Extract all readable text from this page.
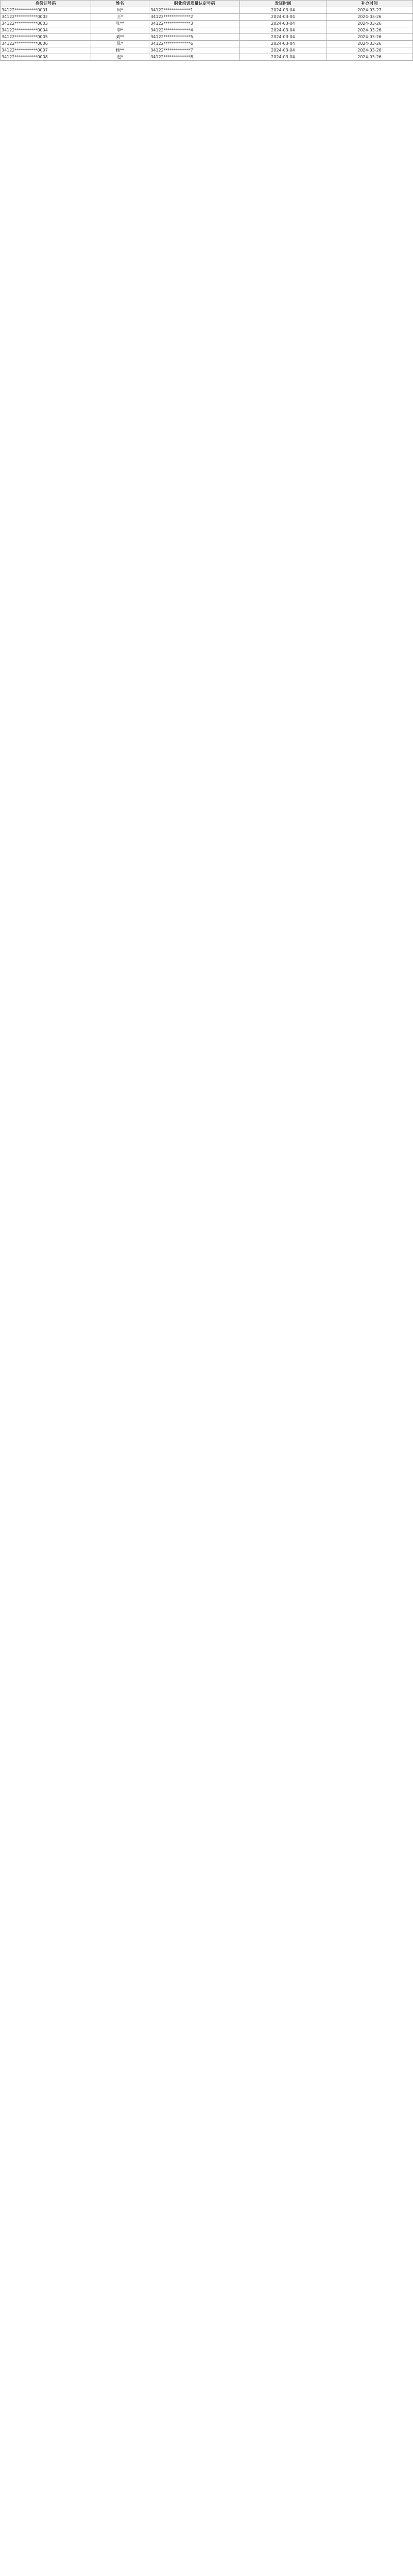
身份证号码	姓名	职业培训质量认定号码	发证时间	补办时间
34122***********0001	周*	34122*************1	2024-03-04	2024-03-27
34122***********0002	王*	34122*************2	2024-03-04	2024-03-26
34122***********0003	张**	34122*************3	2024-03-04	2024-03-26
34122***********0004	李*	34122*************4	2024-03-04	2024-03-26
34122***********0005	刘**	34122*************5	2024-03-04	2024-03-26
34122***********0006	陈*	34122*************6	2024-03-04	2024-03-26
34122***********0007	杨**	34122*************7	2024-03-04	2024-03-26
34122***********0008	赵*	34122*************8	2024-03-04	2024-03-26
